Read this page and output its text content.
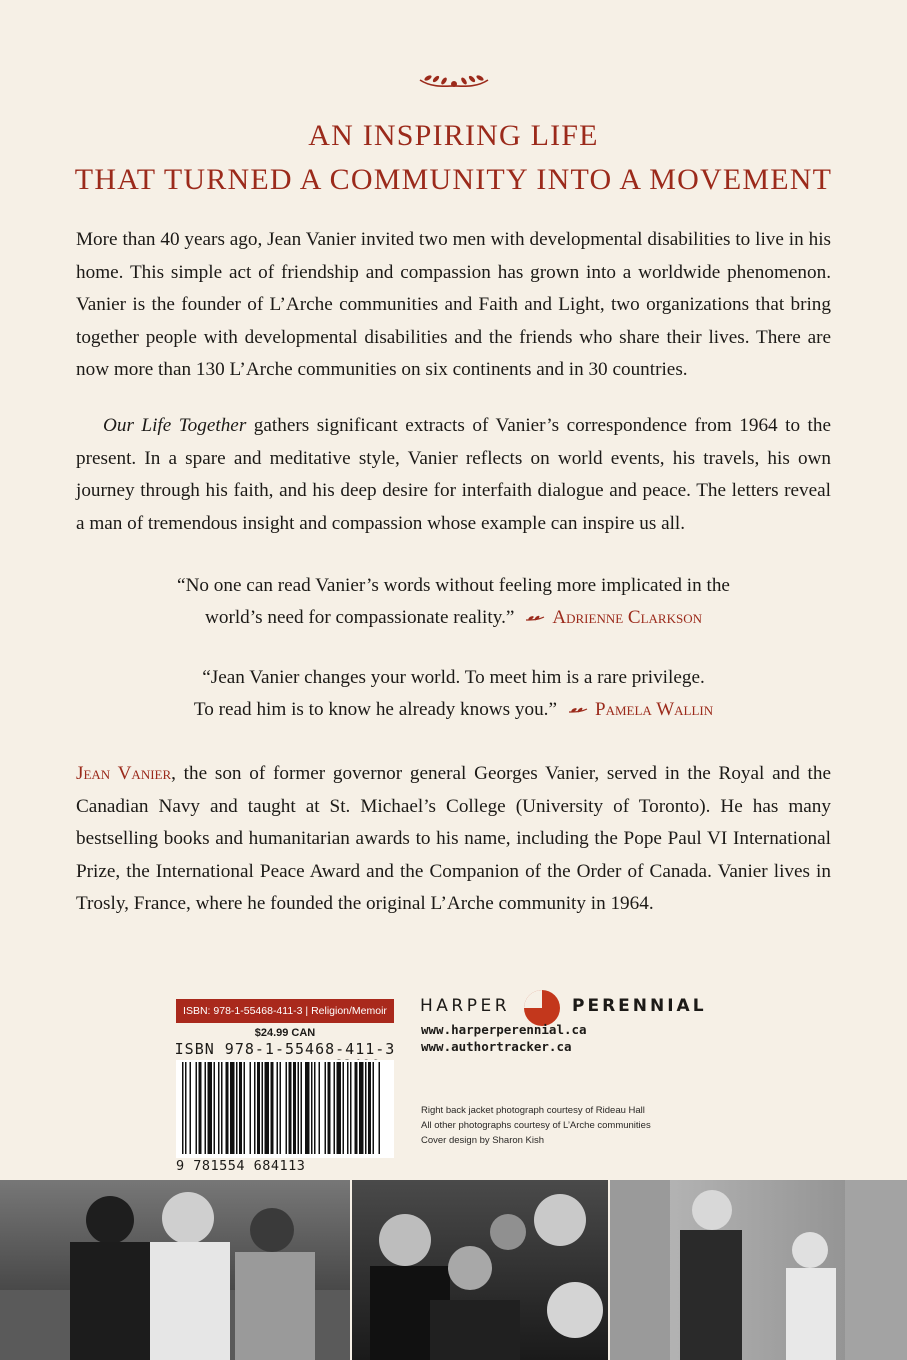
AN INSPIRING LIFE
THAT TURNED A COMMUNITY INTO A MOVEMENT
More than 40 years ago, Jean Vanier invited two men with developmental disabilities to live in his home. This simple act of friendship and compassion has grown into a worldwide phenomenon. Vanier is the founder of L’Arche communities and Faith and Light, two organizations that bring together people with developmental disabilities and the friends who share their lives. There are now more than 130 L’Arche communities on six continents and in 30 countries.
Our Life Together gathers significant extracts of Vanier’s correspondence from 1964 to the present. In a spare and meditative style, Vanier reflects on world events, his travels, his own journey through his faith, and his deep desire for interfaith dialogue and peace. The letters reveal a man of tremendous insight and compassion whose example can inspire us all.
“No one can read Vanier’s words without feeling more implicated in the
world’s need for compassionate reality.” Adrienne Clarkson
“Jean Vanier changes your world. To meet him is a rare privilege.
To read him is to know he already knows you.” Pamela Wallin
Jean Vanier, the son of former governor general Georges Vanier, served in the Royal and the Canadian Navy and taught at St. Michael’s College (University of Toronto). He has many bestselling books and humanitarian awards to his name, including the Pope Paul VI International Prize, the International Peace Award and the Companion of the Order of Canada. Vanier lives in Trosly, France, where he founded the original L’Arche community in 1964.
ISBN: 978-1-55468-411-3 | Religion/Memoir
$24.99 CAN
ISBN 978-1-55468-411-3
9 781554 684113
HARPER	PERENNIAL
www.harperperennial.ca
www.authortracker.ca
Right back jacket photograph courtesy of Rideau Hall
All other photographs courtesy of L’Arche communities
Cover design by Sharon Kish
